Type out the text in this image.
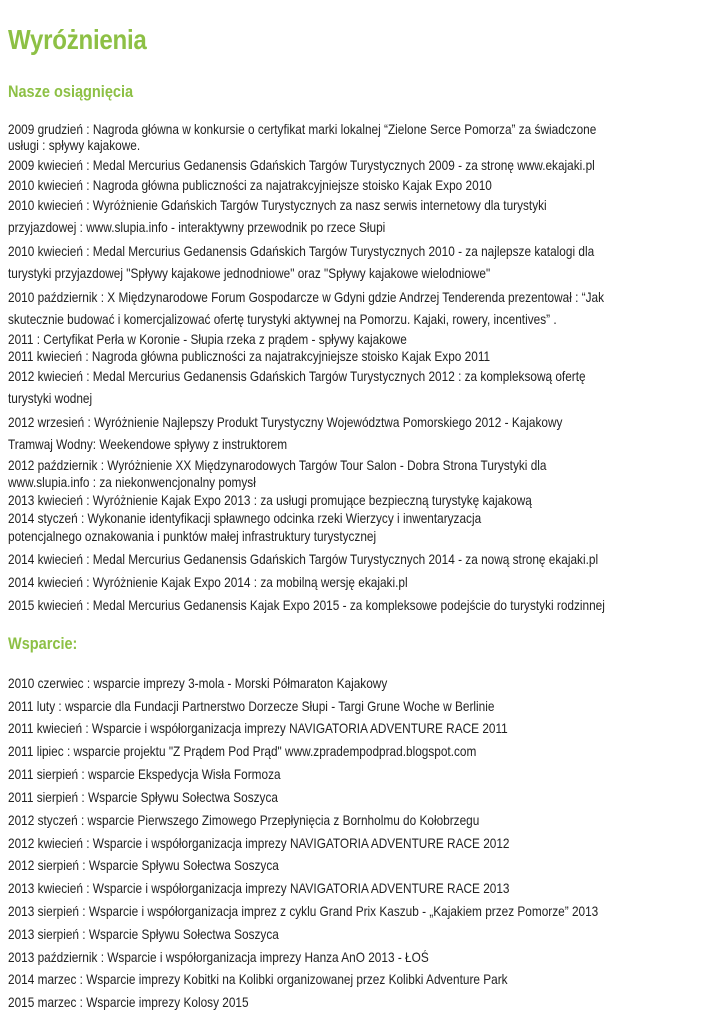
Wyróżnienia
Nasze osiągnięcia

2009 grudzień : Nagroda główna w konkursie o certyfikat marki lokalnej “Zielone Serce Pomorza” za świadczone

usługi : spływy kajakowe.

2009 kwiecień : Medal Mercurius Gedanensis Gdańskich Targów Turystycznych 2009 - za stronę www.ekajaki.pl

2010 kwiecień : Nagroda główna publiczności za najatrakcyjniejsze stoisko Kajak Expo 2010

2010 kwiecień : Wyróżnienie Gdańskich Targów Turystycznych za nasz serwis internetowy dla turystyki

przyjazdowej : www.slupia.info - interaktywny przewodnik po rzece Słupi

2010 kwiecień : Medal Mercurius Gedanensis Gdańskich Targów Turystycznych 2010 - za najlepsze katalogi dla

turystyki przyjazdowej "Spływy kajakowe jednodniowe" oraz "Spływy kajakowe wielodniowe"

2010 październik : X Międzynarodowe Forum Gospodarcze w Gdyni gdzie Andrzej Tenderenda prezentował : “Jak

skutecznie budować i komercjalizować ofertę turystyki aktywnej na Pomorzu. Kajaki, rowery, incentives” .

2011 : Certyfikat Perła w Koronie - Słupia rzeka z prądem - spływy kajakowe

2011 kwiecień : Nagroda główna publiczności za najatrakcyjniejsze stoisko Kajak Expo 2011

2012 kwiecień : Medal Mercurius Gedanensis Gdańskich Targów Turystycznych 2012 : za kompleksową ofertę

turystyki wodnej

2012 wrzesień : Wyróżnienie Najlepszy Produkt Turystyczny Województwa Pomorskiego 2012 - Kajakowy

Tramwaj Wodny: Weekendowe spływy z instruktorem

2012 październik : Wyróżnienie XX Międzynarodowych Targów Tour Salon - Dobra Strona Turystyki dla

www.slupia.info : za niekonwencjonalny pomysł

2013 kwiecień : Wyróżnienie Kajak Expo 2013 : za usługi promujące bezpieczną turystykę kajakową

2014 styczeń : Wykonanie identyfikacji spławnego odcinka rzeki Wierzycy i inwentaryzacja

potencjalnego oznakowania i punktów małej infrastruktury turystycznej

2014 kwiecień : Medal Mercurius Gedanensis Gdańskich Targów Turystycznych 2014 - za nową stronę ekajaki.pl

2014 kwiecień : Wyróżnienie Kajak Expo 2014 : za mobilną wersję ekajaki.pl

2015 kwiecień : Medal Mercurius Gedanensis Kajak Expo 2015 - za kompleksowe podejście do turystyki rodzinnej

Wsparcie:

2010 czerwiec : wsparcie imprezy 3-mola - Morski Półmaraton Kajakowy

2011 luty : wsparcie dla Fundacji Partnerstwo Dorzecze Słupi - Targi Grune Woche w Berlinie

2011 kwiecień : Wsparcie i współorganizacja imprezy NAVIGATORIA ADVENTURE RACE 2011

2011 lipiec : wsparcie projektu "Z Prądem Pod Prąd" www.zpradempodprad.blogspot.com

2011 sierpień : wsparcie Ekspedycja Wisła Formoza

2011 sierpień : Wsparcie Spływu Sołectwa Soszyca

2012 styczeń : wsparcie Pierwszego Zimowego Przepłynięcia z Bornholmu do Kołobrzegu

2012 kwiecień : Wsparcie i współorganizacja imprezy NAVIGATORIA ADVENTURE RACE 2012

2012 sierpień : Wsparcie Spływu Sołectwa Soszyca

2013 kwiecień : Wsparcie i współorganizacja imprezy NAVIGATORIA ADVENTURE RACE 2013

2013 sierpień : Wsparcie i współorganizacja imprez z cyklu Grand Prix Kaszub - „Kajakiem przez Pomorze” 2013

2013 sierpień : Wsparcie Spływu Sołectwa Soszyca

2013 październik : Wsparcie i współorganizacja imprezy Hanza AnO 2013 - ŁOŚ

2014 marzec : Wsparcie imprezy Kobitki na Kolibki organizowanej przez Kolibki Adventure Park

2015 marzec : Wsparcie imprezy Kolosy 2015
